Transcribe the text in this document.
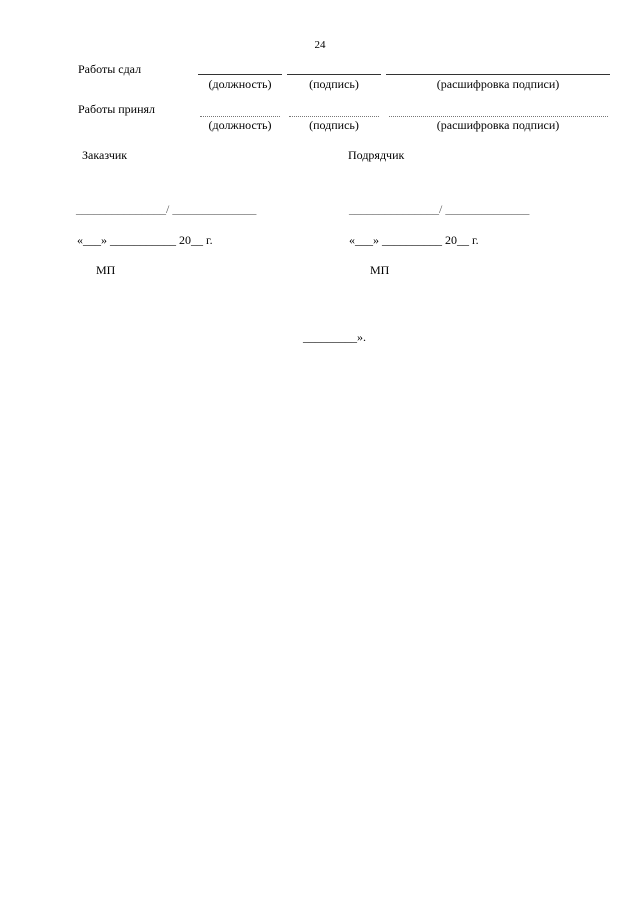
24
Работы сдал
(должность)	(подпись)	(расшифровка подписи)
Работы принял
(должность)	(подпись)	(расшифровка подписи)
Заказчик	Подрядчик
_______________/ ______________	_______________/ ______________
«___» ___________ 20__ г.	«___» __________ 20__ г.
МП	МП
_________».
